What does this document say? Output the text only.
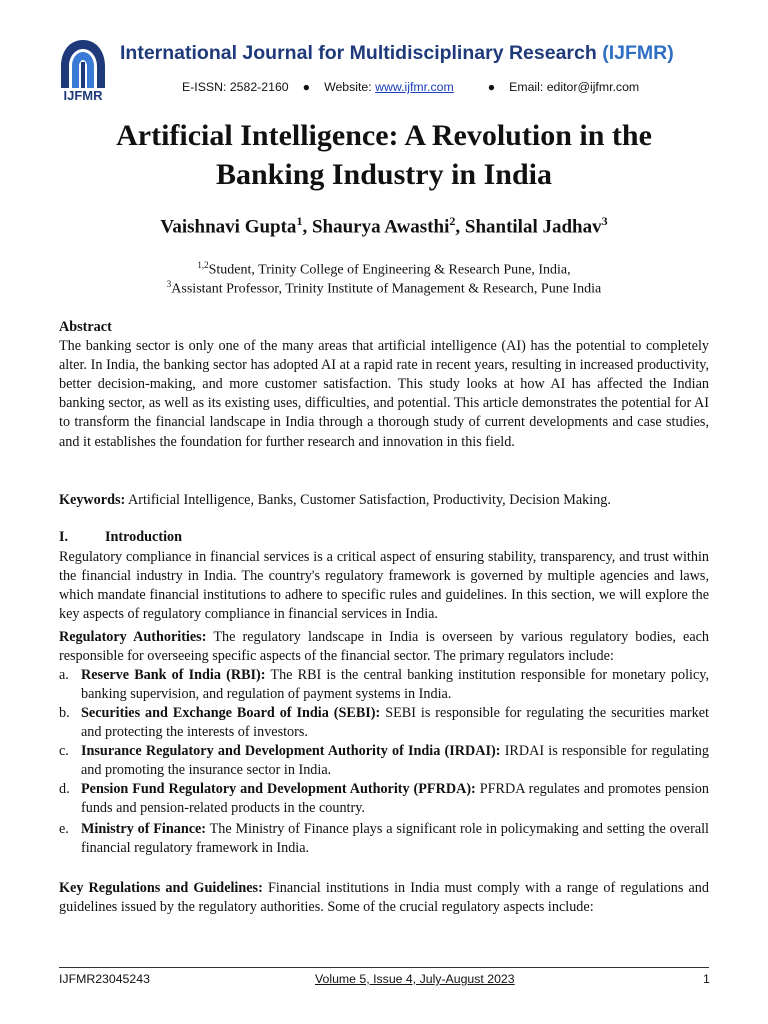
IJFMR
International Journal for Multidisciplinary Research (IJFMR)
E-ISSN: 2582-2160 ● Website: www.ijfmr.com	● Email: editor@ijfmr.com
Artificial Intelligence: A Revolution in the
Banking Industry in India
Vaishnavi Gupta$^1$, Shaurya Awasthi$^2$, Shantilal Jadhav$^3$
$^{1,2}$Student, Trinity College of Engineering & Research Pune, India,
$^3$Assistant Professor, Trinity Institute of Management & Research, Pune India
Abstract
The banking sector is only one of the many areas that artificial intelligence (AI) has the potential to completely alter. In India, the banking sector has adopted AI at a rapid rate in recent years, resulting in increased productivity, better decision-making, and more customer satisfaction. This study looks at how AI has affected the Indian banking sector, as well as its existing uses, difficulties, and potential. This article demonstrates the potential for AI to transform the financial landscape in India through a thorough study of current developments and case studies, and it establishes the foundation for further research and innovation in this field.
Keywords: Artificial Intelligence, Banks, Customer Satisfaction, Productivity, Decision Making.
I.	Introduction
Regulatory compliance in financial services is a critical aspect of ensuring stability, transparency, and trust within the financial industry in India. The country's regulatory framework is governed by multiple agencies and laws, which mandate financial institutions to adhere to specific rules and guidelines. In this section, we will explore the key aspects of regulatory compliance in financial services in India.
Regulatory Authorities: The regulatory landscape in India is overseen by various regulatory bodies, each responsible for overseeing specific aspects of the financial sector. The primary regulators include:
a. Reserve Bank of India (RBI): The RBI is the central banking institution responsible for monetary policy, banking supervision, and regulation of payment systems in India.
b. Securities and Exchange Board of India (SEBI): SEBI is responsible for regulating the securities market and protecting the interests of investors.
c. Insurance Regulatory and Development Authority of India (IRDAI): IRDAI is responsible for regulating and promoting the insurance sector in India.
d. Pension Fund Regulatory and Development Authority (PFRDA): PFRDA regulates and promotes pension funds and pension-related products in the country.
e. Ministry of Finance: The Ministry of Finance plays a significant role in policymaking and setting the overall financial regulatory framework in India.
Key Regulations and Guidelines: Financial institutions in India must comply with a range of regulations and guidelines issued by the regulatory authorities. Some of the crucial regulatory aspects include:
IJFMR23045243	Volume 5, Issue 4, July-August 2023	1
